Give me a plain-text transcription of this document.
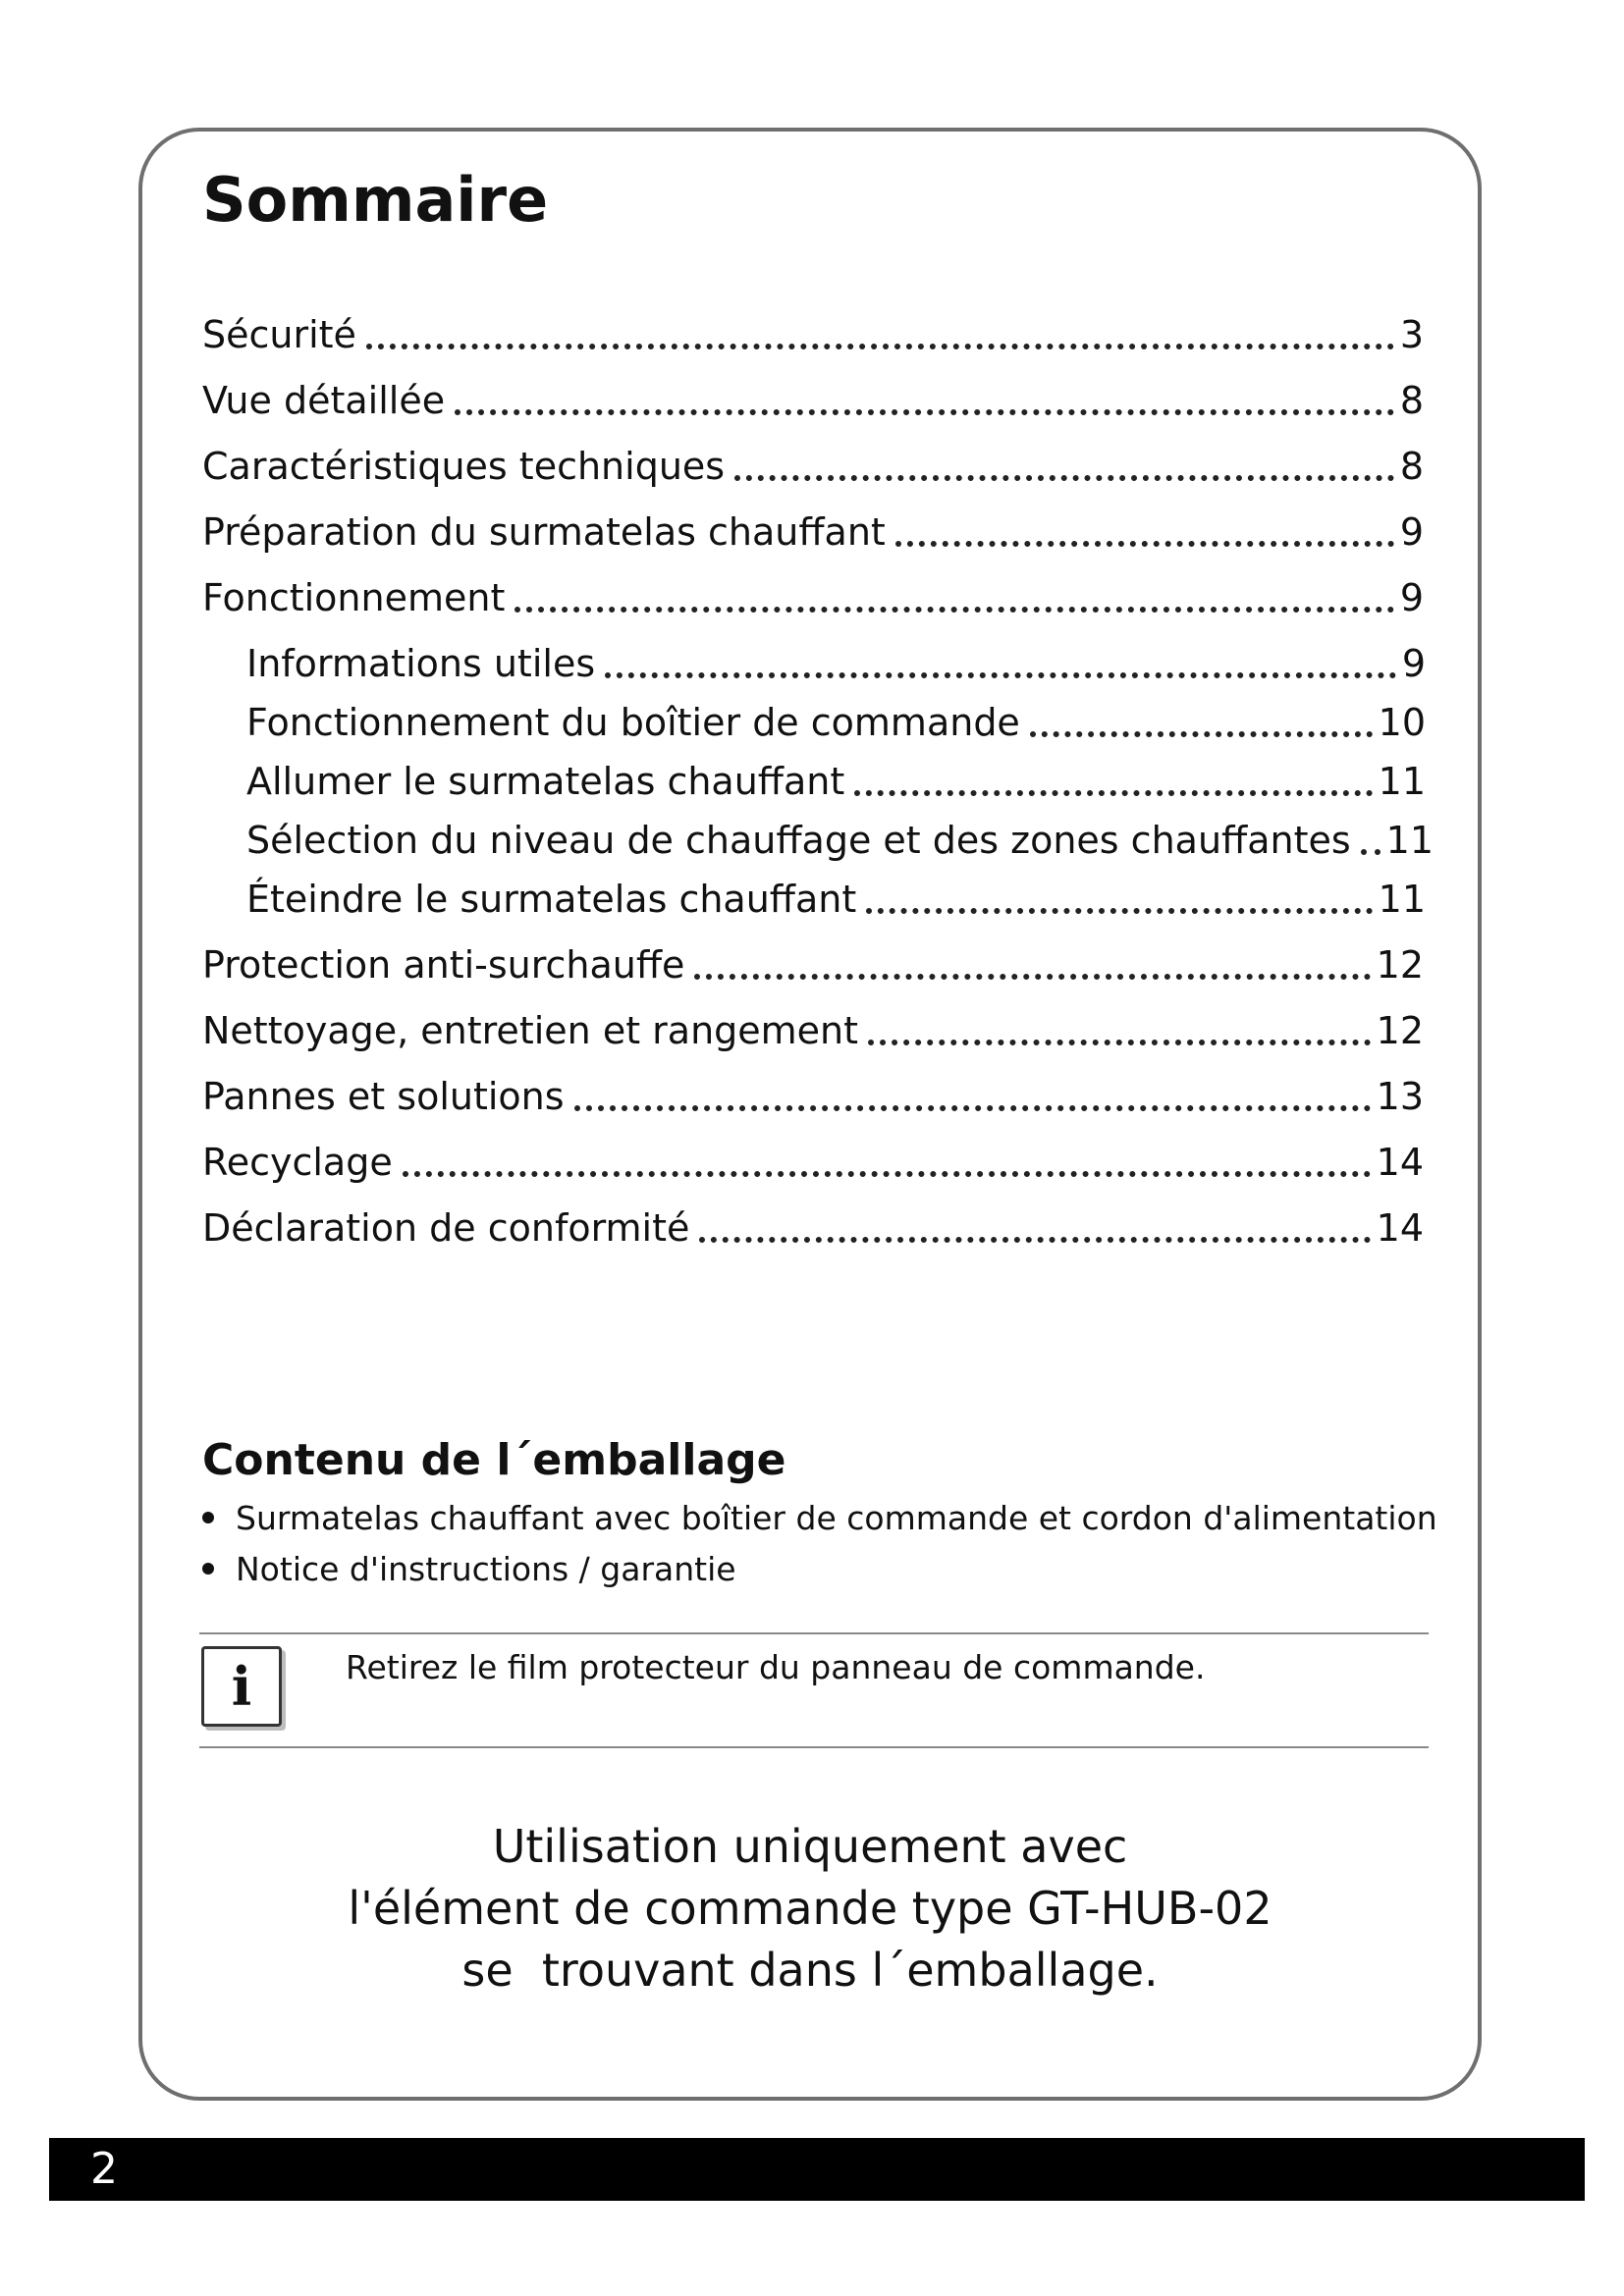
Sommaire
Sécurité	3
Vue détaillée	8
Caractéristiques techniques	8
Préparation du surmatelas chauffant	9
Fonctionnement	9
Informations utiles	9
Fonctionnement du boîtier de commande	10
Allumer le surmatelas chauffant	11
Sélection du niveau de chauffage et des zones chauffantes 11
Éteindre le surmatelas chauffant	11
Protection anti-surchauffe	12
Nettoyage, entretien et rangement	12
Pannes et solutions	13
Recyclage	14
Déclaration de conformité	14
Contenu de l´emballage
Surmatelas chauffant avec boîtier de commande et cordon d'alimentation
Notice d'instructions / garantie
i	Retirez le film protecteur du panneau de commande.
Utilisation uniquement avec
l'élément de commande type GT-HUB-02
se  trouvant dans l´emballage.
2
